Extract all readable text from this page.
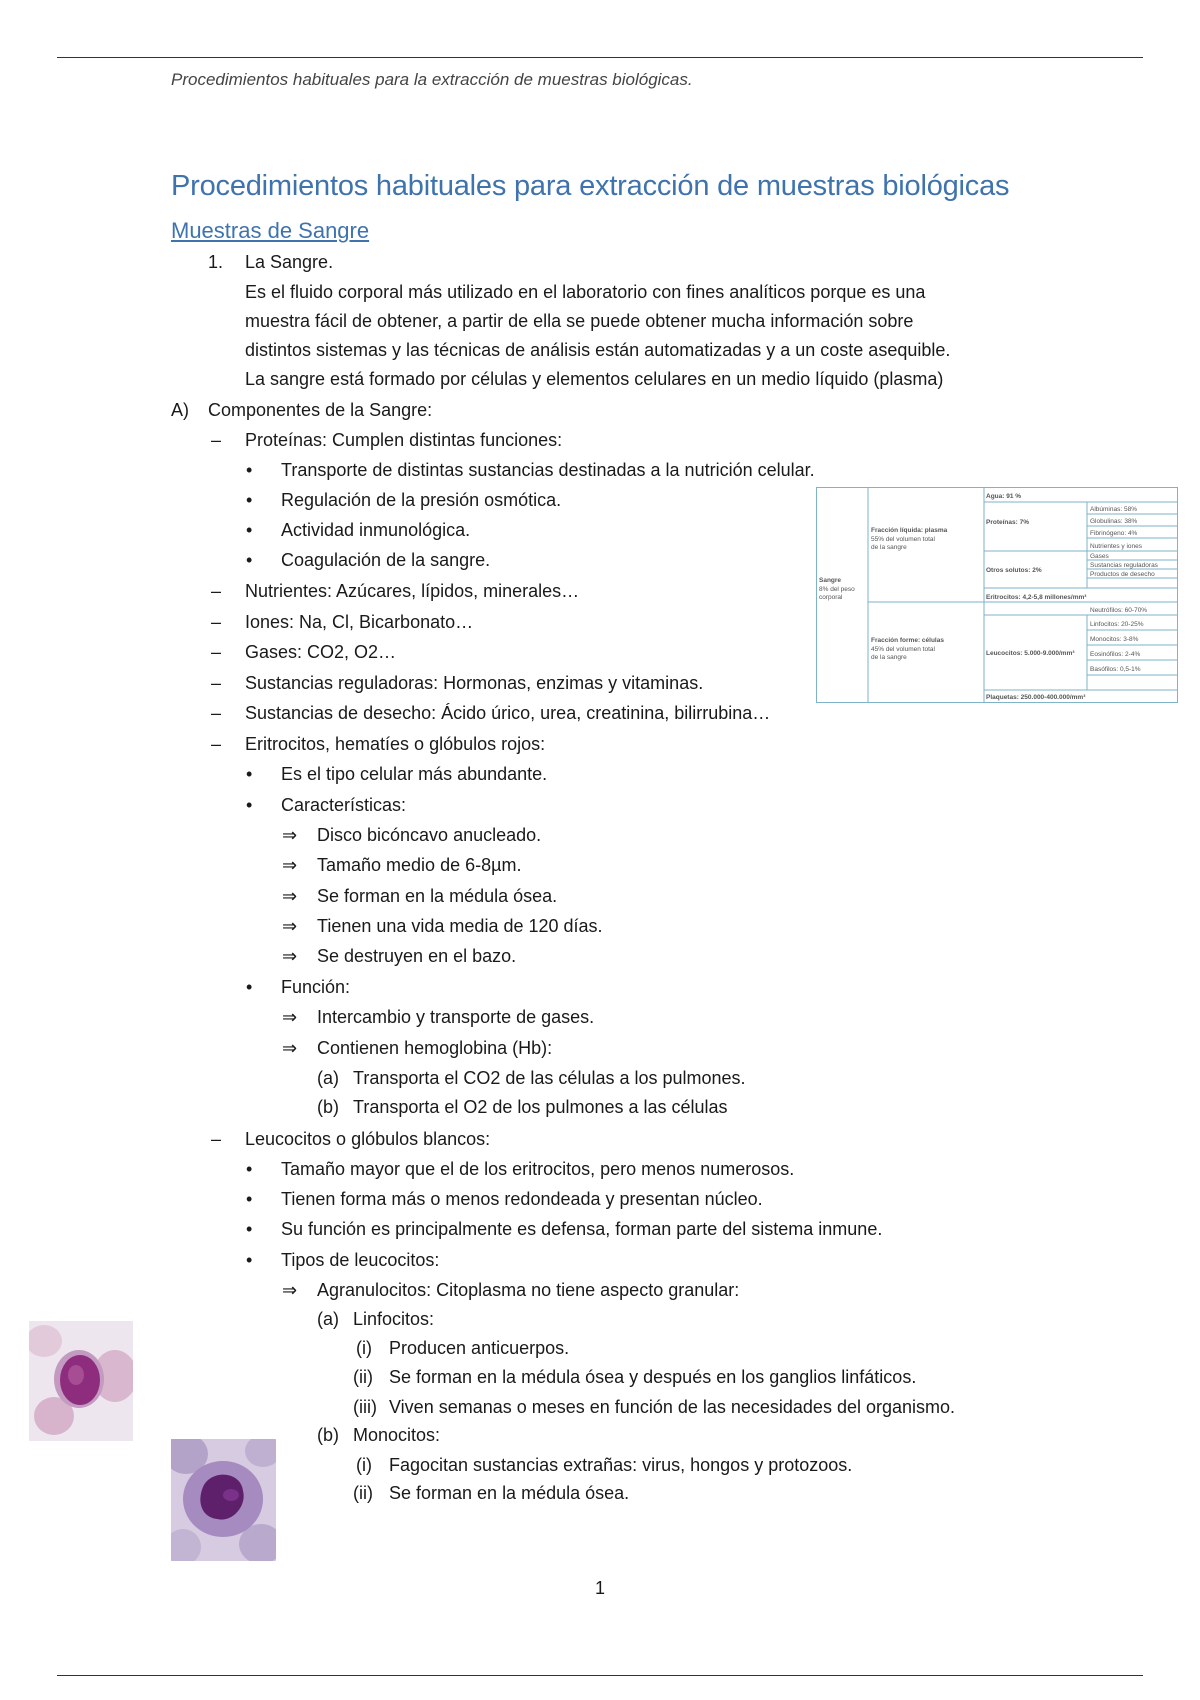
Procedimientos habituales para la extracción de muestras biológicas.
Procedimientos habituales para extracción de muestras biológicas
Muestras de Sangre
1. La Sangre.
Es el fluido corporal más utilizado en el laboratorio con fines analíticos porque es una
muestra fácil de obtener, a partir de ella se puede obtener mucha información sobre
distintos sistemas y las técnicas de análisis están automatizadas y a un coste asequible.
La sangre está formado por células y elementos celulares en un medio líquido (plasma)
A) Componentes de la Sangre:
– Proteínas: Cumplen distintas funciones:
• Transporte de distintas sustancias destinadas a la nutrición celular.
• Regulación de la presión osmótica.
• Actividad inmunológica.
• Coagulación de la sangre.
– Nutrientes: Azúcares, lípidos, minerales…
– Iones: Na, Cl, Bicarbonato…
– Gases: CO2, O2…
– Sustancias reguladoras: Hormonas, enzimas y vitaminas.
– Sustancias de desecho: Ácido úrico, urea, creatinina, bilirrubina…
– Eritrocitos, hematíes o glóbulos rojos:
• Es el tipo celular más abundante.
• Características:
⇒ Disco bicóncavo anucleado.
⇒ Tamaño medio de 6-8µm.
⇒ Se forman en la médula ósea.
⇒ Tienen una vida media de 120 días.
⇒ Se destruyen en el bazo.
• Función:
⇒ Intercambio y transporte de gases.
⇒ Contienen hemoglobina (Hb):
(a) Transporta el CO2 de las células a los pulmones.
(b) Transporta el O2 de los pulmones a las células
– Leucocitos o glóbulos blancos:
• Tamaño mayor que el de los eritrocitos, pero menos numerosos.
• Tienen forma más o menos redondeada y presentan núcleo.
• Su función es principalmente es defensa, forman parte del sistema inmune.
• Tipos de leucocitos:
⇒ Agranulocitos: Citoplasma no tiene aspecto granular:
(a) Linfocitos:
(i) Producen anticuerpos.
(ii) Se forman en la médula ósea y después en los ganglios linfáticos.
(iii) Viven semanas o meses en función de las necesidades del organismo.
(b) Monocitos:
(i) Fagocitan sustancias extrañas: virus, hongos y protozoos.
(ii) Se forman en la médula ósea.
Sangre
8% del peso
corporal
Fracción líquida: plasma
55% del volumen total
de la sangre
Fracción forme: células
45% del volumen total
de la sangre
Agua: 91 %
Proteínas: 7%
Albúminas: 58%
Globulinas: 38%
Fibrinógeno: 4%
Otros solutos: 2%
Nutrientes y iones
Gases
Sustancias reguladoras
Productos de desecho
Eritrocitos: 4,2-5,8 millones/mm³
Leucocitos: 5.000-9.000/mm³
Neutrófilos: 60-70%
Linfocitos: 20-25%
Monocitos: 3-8%
Eosinófilos: 2-4%
Basófilos: 0,5-1%
Plaquetas: 250.000-400.000/mm³
1
